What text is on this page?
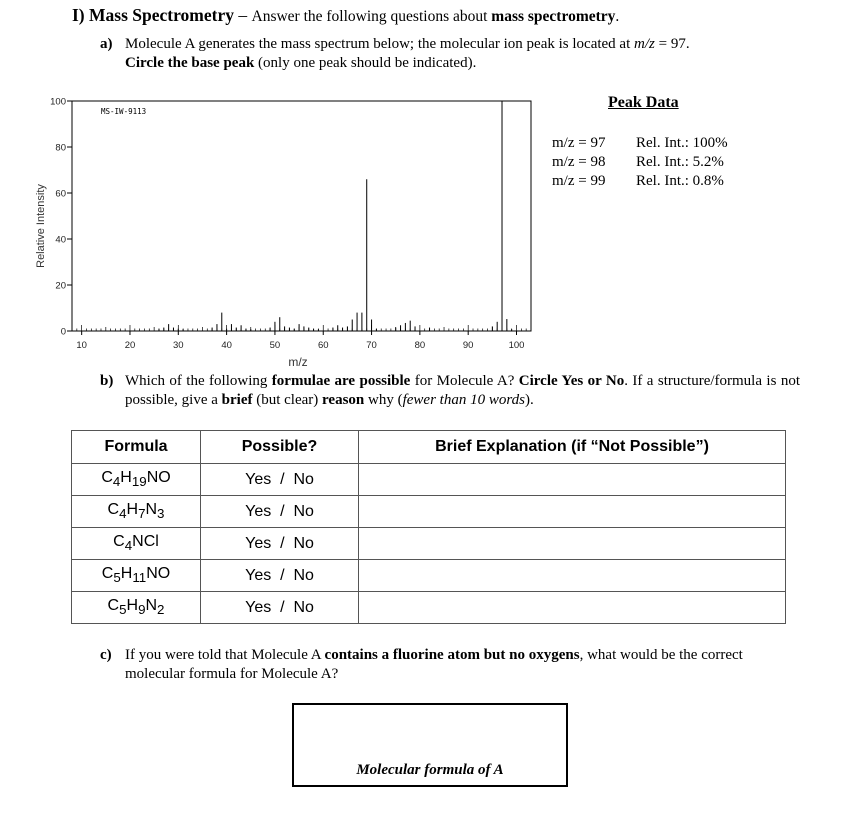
I) Mass Spectrometry – Answer the following questions about mass spectrometry.
a) Molecule A generates the mass spectrum below; the molecular ion peak is located at m/z = 97.
Circle the base peak (only one peak should be indicated).
MS-IW-9113
Relative Intensity
m/z
0
20
40
60
80
100
10	20	30	40	50	60	70	80	90	100
Peak Data
m/z = 97 Rel. Int.: 100%
m/z = 98 Rel. Int.: 5.2%
m/z = 99 Rel. Int.: 0.8%
b) Which of the following formulae are possible for Molecule A? Circle Yes or No. If a structure/formula is not possible, give a brief (but clear) reason why (fewer than 10 words).
Formula	Possible?	Brief Explanation (if “Not Possible”)
$C_4H_{19}NO$	Yes  /  No	
$C_4H_7N_3$	Yes  /  No	
$C_4NCl$	Yes  /  No	
$C_5H_{11}NO$	Yes  /  No	
$C_5H_9N_2$	Yes  /  No	
c) If you were told that Molecule A contains a fluorine atom but no oxygens, what would be the correct molecular formula for Molecule A?
Molecular formula of A
